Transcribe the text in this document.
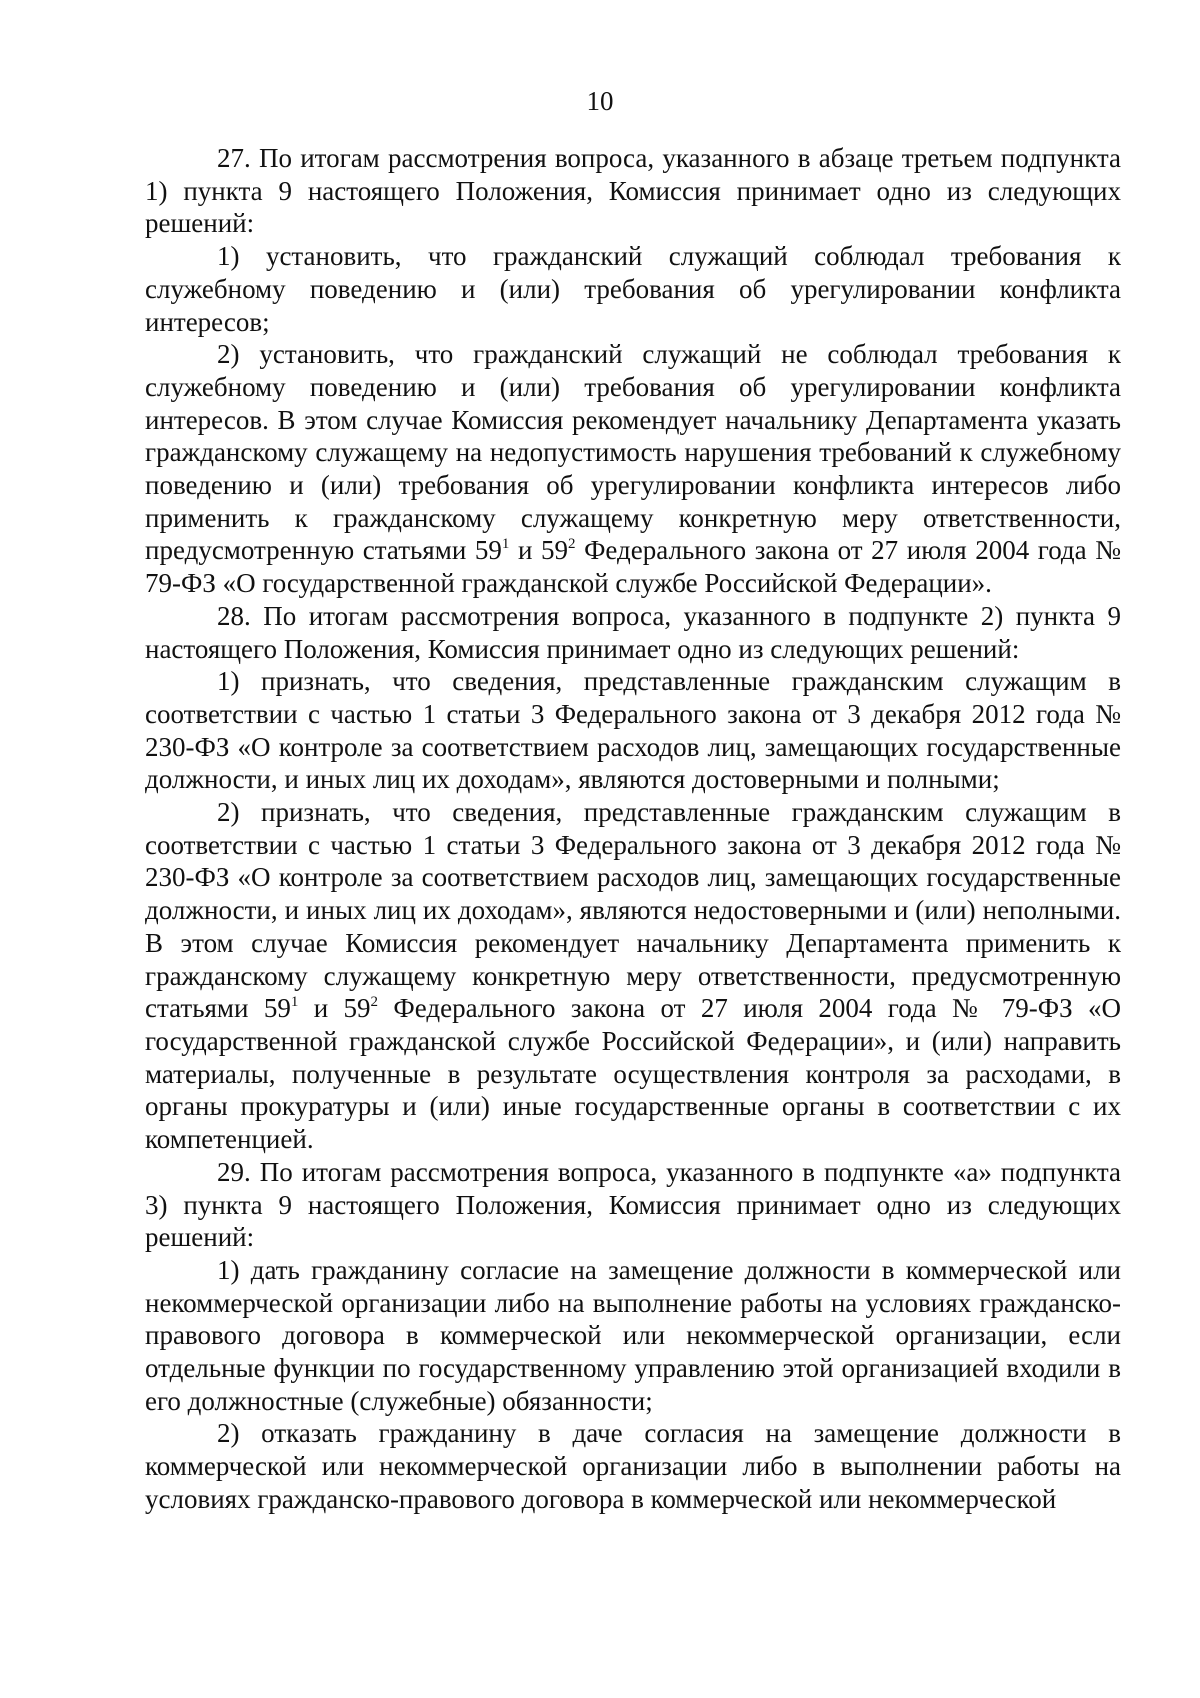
10

27. По итогам рассмотрения вопроса, указанного в абзаце третьем подпункта 1) пункта 9 настоящего Положения, Комиссия принимает одно из следующих решений:

1) установить, что гражданский служащий соблюдал требования к служебному поведению и (или) требования об урегулировании конфликта интересов;

2) установить, что гражданский служащий не соблюдал требования к служебному поведению и (или) требования об урегулировании конфликта интересов. В этом случае Комиссия рекомендует начальнику Департамента указать гражданскому служащему на недопустимость нарушения требований к служебному поведению и (или) требования об урегулировании конфликта интересов либо применить к гражданскому служащему конкретную меру ответственности, предусмотренную статьями $59^1$ и $59^2$ Федерального закона от 27 июля 2004 года № 79-ФЗ «О государственной гражданской службе Российской Федерации».

28. По итогам рассмотрения вопроса, указанного в подпункте 2) пункта 9 настоящего Положения, Комиссия принимает одно из следующих решений:

1) признать, что сведения, представленные гражданским служащим в соответствии с частью 1 статьи 3 Федерального закона от 3 декабря 2012 года № 230-ФЗ «О контроле за соответствием расходов лиц, замещающих государственные должности, и иных лиц их доходам», являются достоверными и полными;

2) признать, что сведения, представленные гражданским служащим в соответствии с частью 1 статьи 3 Федерального закона от 3 декабря 2012 года № 230-ФЗ «О контроле за соответствием расходов лиц, замещающих государственные должности, и иных лиц их доходам», являются недостоверными и (или) неполными. В этом случае Комиссия рекомендует начальнику Департамента применить к гражданскому служащему конкретную меру ответственности, предусмотренную статьями $59^1$ и $59^2$ Федерального закона от 27 июля 2004 года № 79-ФЗ «О государственной гражданской службе Российской Федерации», и (или) направить материалы, полученные в результате осуществления контроля за расходами, в органы прокуратуры и (или) иные государственные органы в соответствии с их компетенцией.

29. По итогам рассмотрения вопроса, указанного в подпункте «а» подпункта 3) пункта 9 настоящего Положения, Комиссия принимает одно из следующих решений:

1) дать гражданину согласие на замещение должности в коммерческой или некоммерческой организации либо на выполнение работы на условиях гражданско-правового договора в коммерческой или некоммерческой организации, если отдельные функции по государственному управлению этой организацией входили в его должностные (служебные) обязанности;

2) отказать гражданину в даче согласия на замещение должности в коммерческой или некоммерческой организации либо в выполнении работы на условиях гражданско-правового договора в коммерческой или некоммерческой
